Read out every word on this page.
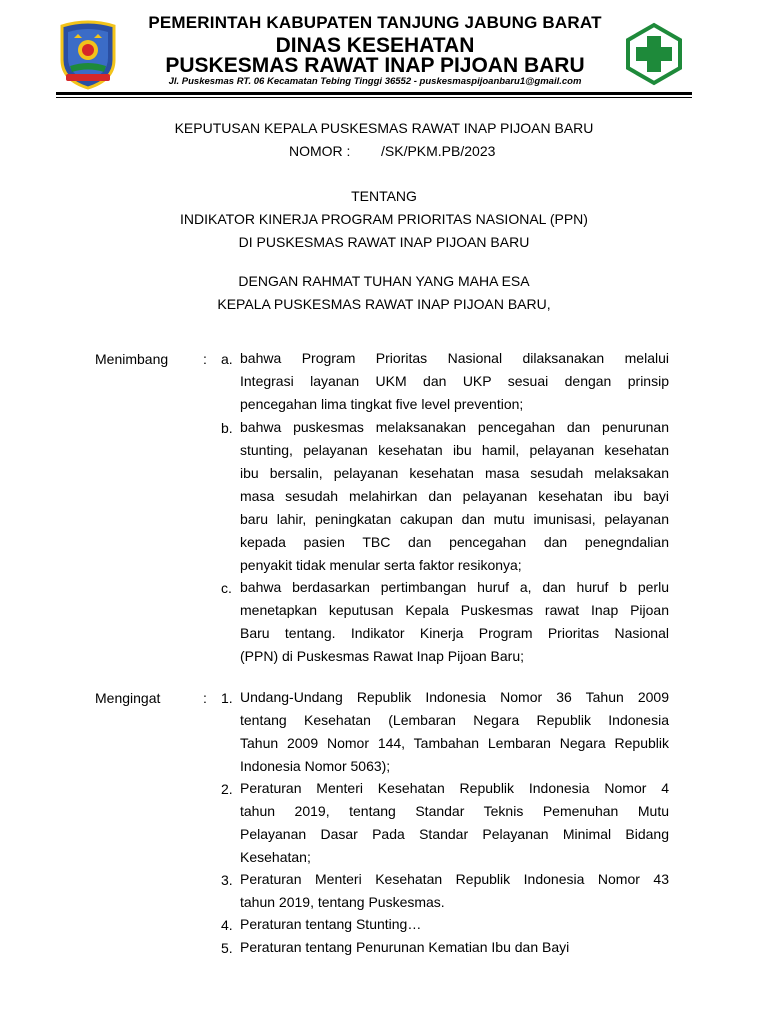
PEMERINTAH KABUPATEN TANJUNG JABUNG BARAT
DINAS KESEHATAN
PUSKESMAS RAWAT INAP PIJOAN BARU
Jl. Puskesmas RT. 06 Kecamatan Tebing Tinggi 36552 - puskesmaspijoanbaru1@gmail.com
KEPUTUSAN KEPALA PUSKESMAS RAWAT INAP PIJOAN BARU
NOMOR : /SK/PKM.PB/2023
TENTANG
INDIKATOR KINERJA PROGRAM PRIORITAS NASIONAL (PPN)
DI PUSKESMAS RAWAT INAP PIJOAN BARU
DENGAN RAHMAT TUHAN YANG MAHA ESA
KEPALA PUSKESMAS RAWAT INAP PIJOAN BARU,
Menimbang : a. bahwa Program Prioritas Nasional dilaksanakan melalui
Integrasi layanan UKM dan UKP sesuai dengan prinsip
pencegahan lima tingkat five level prevention;
b. bahwa puskesmas melaksanakan pencegahan dan penurunan
stunting, pelayanan kesehatan ibu hamil, pelayanan kesehatan
ibu bersalin, pelayanan kesehatan masa sesudah melaksakan
masa sesudah melahirkan dan pelayanan kesehatan ibu bayi
baru lahir, peningkatan cakupan dan mutu imunisasi, pelayanan
kepada pasien TBC dan pencegahan dan penegndalian
penyakit tidak menular serta faktor resikonya;
c. bahwa berdasarkan pertimbangan huruf a, dan huruf b perlu
menetapkan keputusan Kepala Puskesmas rawat Inap Pijoan
Baru tentang. Indikator Kinerja Program Prioritas Nasional
(PPN) di Puskesmas Rawat Inap Pijoan Baru;
Mengingat	: 1. Undang-Undang Republik Indonesia Nomor 36 Tahun 2009
tentang Kesehatan (Lembaran Negara Republik Indonesia
Tahun 2009 Nomor 144, Tambahan Lembaran Negara Republik
Indonesia Nomor 5063);
2. Peraturan Menteri Kesehatan Republik Indonesia Nomor 4
tahun 2019, tentang Standar Teknis Pemenuhan Mutu
Pelayanan Dasar Pada Standar Pelayanan Minimal Bidang
Kesehatan;
3. Peraturan Menteri Kesehatan Republik Indonesia Nomor 43
tahun 2019, tentang Puskesmas.
4. Peraturan tentang Stunting…
5. Peraturan tentang Penurunan Kematian Ibu dan Bayi
